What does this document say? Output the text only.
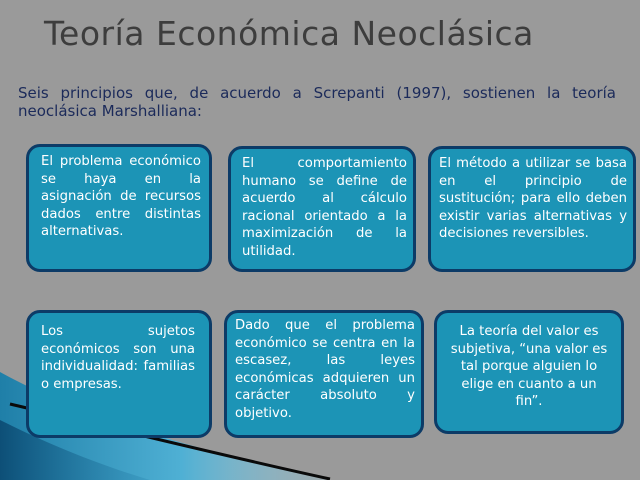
Teoría Económica Neoclásica

Seis principios que, de acuerdo a Screpanti (1997), sostienen la teoría neoclásica Marshalliana:

El problema económico se haya en la asignación de recursos dados entre distintas alternativas.
El comportamiento humano se define de acuerdo al cálculo racional orientado a la maximización de la utilidad.
El método a utilizar se basa en el principio de sustitución; para ello deben existir varias alternativas y decisiones reversibles.
Los sujetos económicos son una individualidad: familias o empresas.
Dado que el problema económico se centra en la escasez, las leyes económicas adquieren un carácter absoluto y objetivo.
La teoría del valor es subjetiva, “una valor es tal porque alguien lo elige en cuanto a un fin”.
